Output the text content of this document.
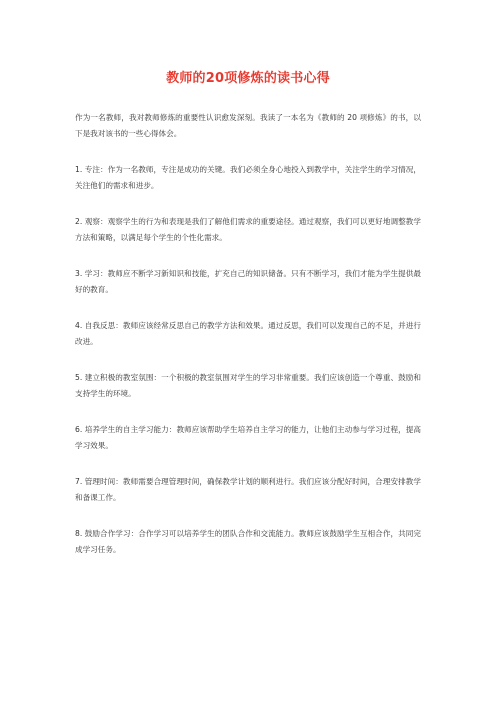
教师的20项修炼的读书心得

作为一名教师，我对教师修炼的重要性认识愈发深刻。我读了一本名为《教师的 20 项修炼》的书，以下是我对该书的一些心得体会。

1. 专注：作为一名教师，专注是成功的关键。我们必须全身心地投入到教学中，关注学生的学习情况，关注他们的需求和进步。

2. 观察：观察学生的行为和表现是我们了解他们需求的重要途径。通过观察，我们可以更好地调整教学方法和策略，以满足每个学生的个性化需求。

3. 学习：教师应不断学习新知识和技能，扩充自己的知识储备。只有不断学习，我们才能为学生提供最好的教育。

4. 自我反思：教师应该经常反思自己的教学方法和效果。通过反思，我们可以发现自己的不足，并进行改进。

5. 建立积极的教室氛围：一个积极的教室氛围对学生的学习非常重要。我们应该创造一个尊重、鼓励和支持学生的环境。

6. 培养学生的自主学习能力：教师应该帮助学生培养自主学习的能力，让他们主动参与学习过程，提高学习效果。

7. 管理时间：教师需要合理管理时间，确保教学计划的顺利进行。我们应该分配好时间，合理安排教学和备课工作。

8. 鼓励合作学习：合作学习可以培养学生的团队合作和交流能力。教师应该鼓励学生互相合作，共同完成学习任务。
